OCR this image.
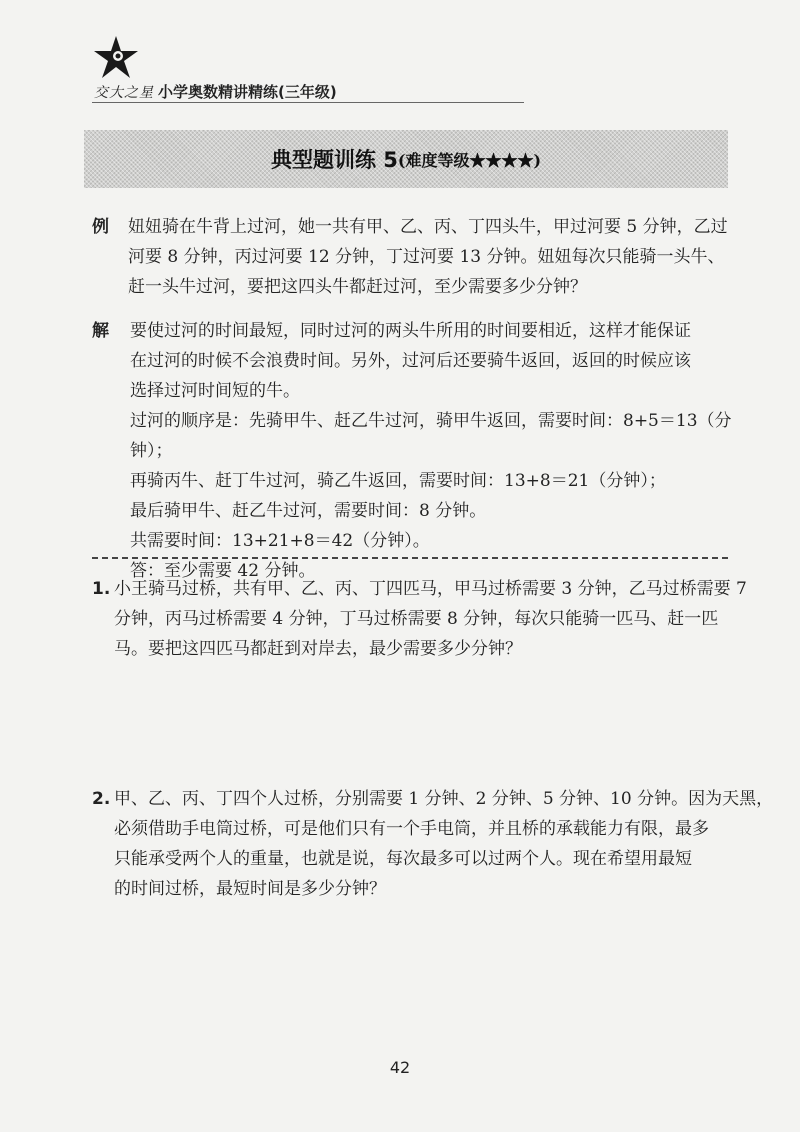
交大之星 小学奥数精讲精练(三年级)
典型题训练 5 (难度等级★★★★)
例 妞妞骑在牛背上过河，她一共有甲、乙、丙、丁四头牛，甲过河要 5 分钟，乙过
河要 8 分钟，丙过河要 12 分钟，丁过河要 13 分钟。妞妞每次只能骑一头牛、
赶一头牛过河，要把这四头牛都赶过河，至少需要多少分钟？
解 要使过河的时间最短，同时过河的两头牛所用的时间要相近，这样才能保证
在过河的时候不会浪费时间。另外，过河后还要骑牛返回，返回的时候应该
选择过河时间短的牛。
过河的顺序是：先骑甲牛、赶乙牛过河，骑甲牛返回，需要时间：8+5＝13（分
钟）；
再骑丙牛、赶丁牛过河，骑乙牛返回，需要时间：13+8＝21（分钟）；
最后骑甲牛、赶乙牛过河，需要时间：8 分钟。
共需要时间：13+21+8＝42（分钟）。
答：至少需要 42 分钟。
1. 小王骑马过桥，共有甲、乙、丙、丁四匹马，甲马过桥需要 3 分钟，乙马过桥需要 7
分钟，丙马过桥需要 4 分钟，丁马过桥需要 8 分钟，每次只能骑一匹马、赶一匹
马。要把这四匹马都赶到对岸去，最少需要多少分钟？
2. 甲、乙、丙、丁四个人过桥，分别需要 1 分钟、2 分钟、5 分钟、10 分钟。因为天黑，
必须借助手电筒过桥，可是他们只有一个手电筒，并且桥的承载能力有限，最多
只能承受两个人的重量，也就是说，每次最多可以过两个人。现在希望用最短
的时间过桥，最短时间是多少分钟？
42
